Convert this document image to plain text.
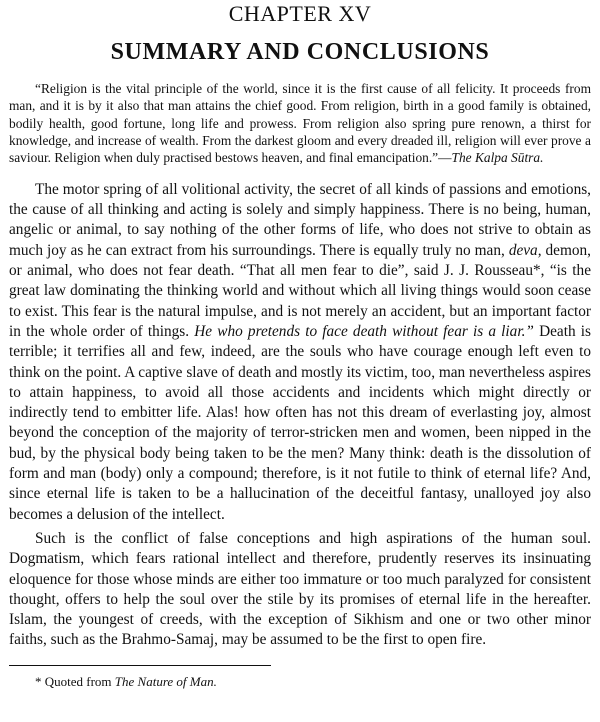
CHAPTER XV
SUMMARY AND CONCLUSIONS

“Religion is the vital principle of the world, since it is the first cause of all felicity. It proceeds from man, and it is by it also that man attains the chief good. From religion, birth in a good family is obtained, bodily health, good fortune, long life and prowess. From religion also spring pure renown, a thirst for knowledge, and increase of wealth. From the darkest gloom and every dreaded ill, religion will ever prove a saviour. Religion when duly practised bestows heaven, and final emancipation.”—The Kalpa Sūtra.

The motor spring of all volitional activity, the secret of all kinds of passions and emotions, the cause of all thinking and acting is solely and simply happiness. There is no being, human, angelic or animal, to say nothing of the other forms of life, who does not strive to obtain as much joy as he can extract from his surroundings. There is equally truly no man, deva, demon, or animal, who does not fear death. “That all men fear to die”, said J. J. Rousseau*, “is the great law dominating the thinking world and without which all living things would soon cease to exist. This fear is the natural impulse, and is not merely an accident, but an important factor in the whole order of things. He who pretends to face death without fear is a liar.” Death is terrible; it terrifies all and few, indeed, are the souls who have courage enough left even to think on the point. A captive slave of death and mostly its victim, too, man nevertheless aspires to attain happiness, to avoid all those accidents and incidents which might directly or indirectly tend to embitter life. Alas! how often has not this dream of everlasting joy, almost beyond the conception of the majority of terror-stricken men and women, been nipped in the bud, by the physical body being taken to be the men? Many think: death is the dissolution of form and man (body) only a compound; therefore, is it not futile to think of eternal life? And, since eternal life is taken to be a hallucination of the deceitful fantasy, unalloyed joy also becomes a delusion of the intellect.

Such is the conflict of false conceptions and high aspirations of the human soul. Dogmatism, which fears rational intellect and therefore, prudently reserves its insinuating eloquence for those whose minds are either too immature or too much paralyzed for consistent thought, offers to help the soul over the stile by its promises of eternal life in the hereafter. Islam, the youngest of creeds, with the exception of Sikhism and one or two other minor faiths, such as the Brahmo-Samaj, may be assumed to be the first to open fire.

* Quoted from The Nature of Man.
